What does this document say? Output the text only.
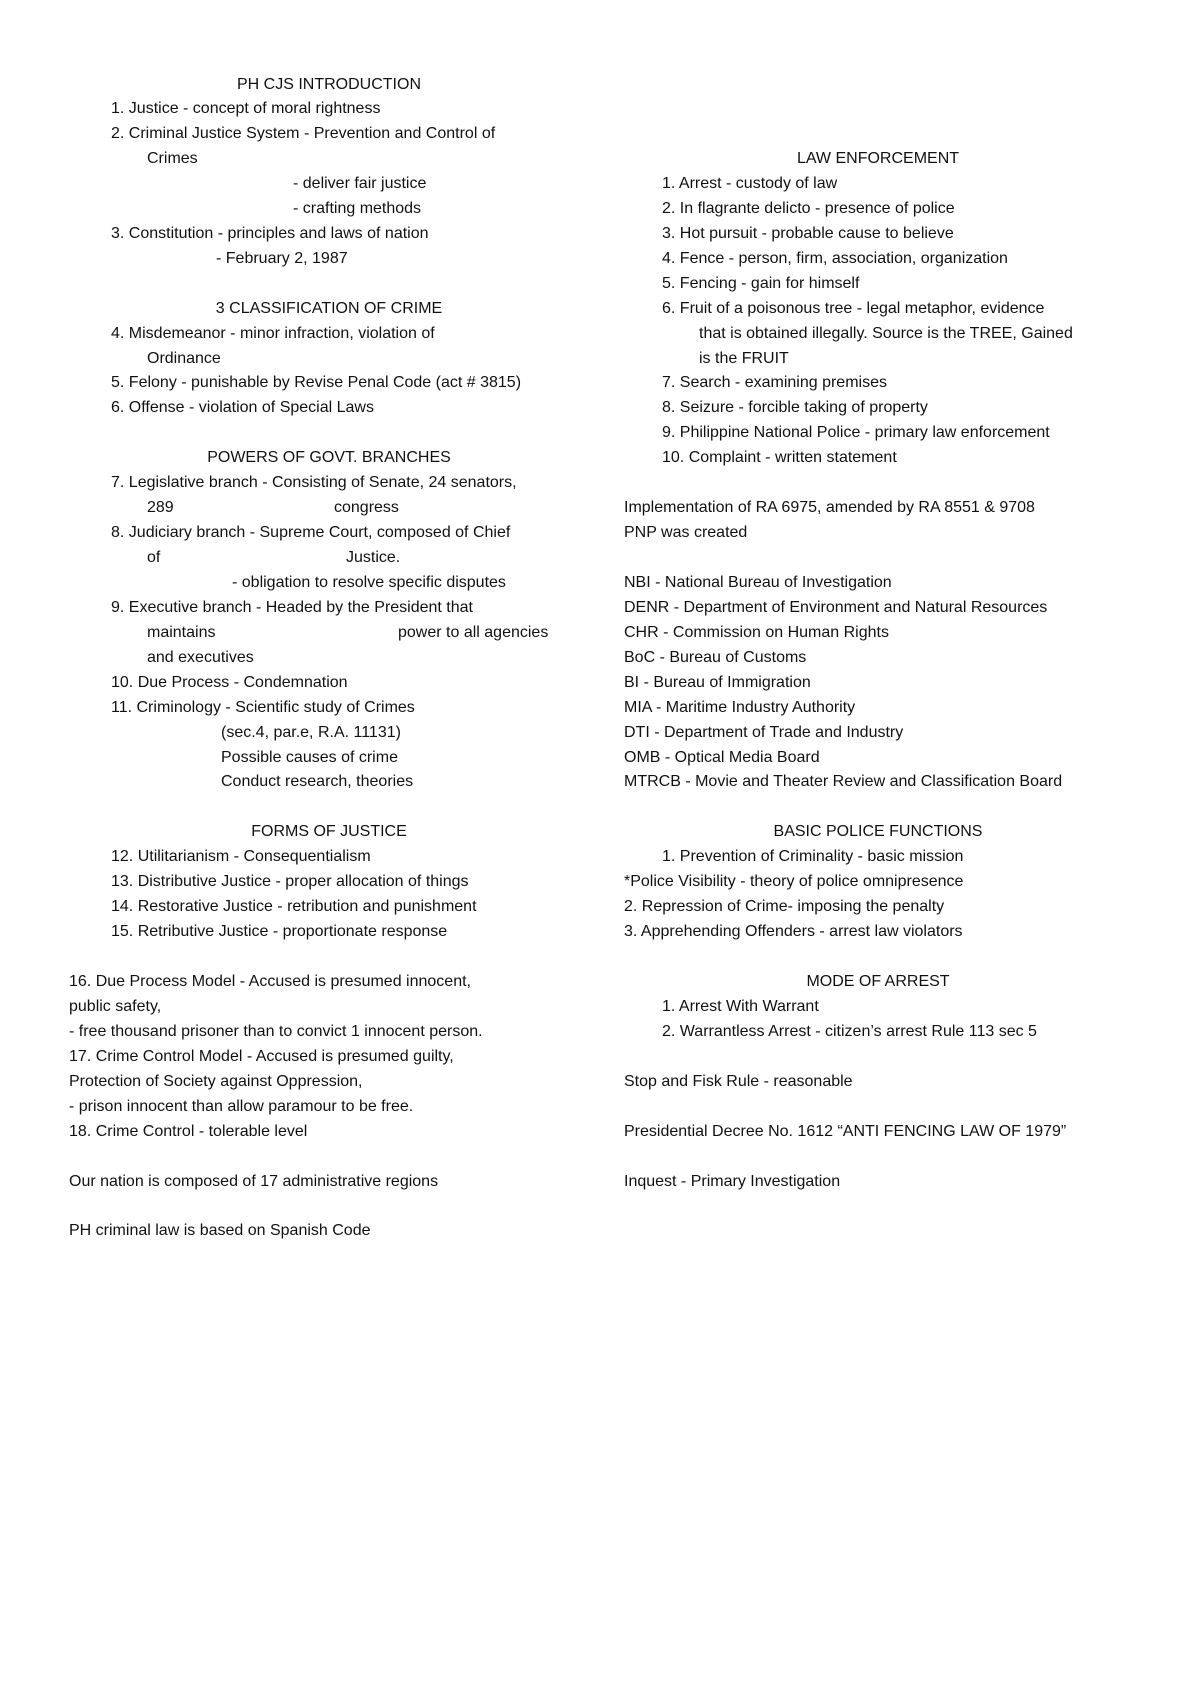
PH CJS INTRODUCTION
1. Justice - concept of moral rightness
2. Criminal Justice System - Prevention and Control of
Crimes
- deliver fair justice
- crafting methods
3. Constitution - principles and laws of nation
- February 2, 1987
3 CLASSIFICATION OF CRIME
4. Misdemeanor - minor infraction, violation of
Ordinance
5. Felony - punishable by Revise Penal Code (act # 3815)
6. Offense - violation of Special Laws
POWERS OF GOVT. BRANCHES
7. Legislative branch - Consisting of Senate, 24 senators,
289	congress
8. Judiciary branch - Supreme Court, composed of Chief
of	Justice.
- obligation to resolve specific disputes
9. Executive branch - Headed by the President that
maintains	power to all agencies
and executives
10. Due Process - Condemnation
11. Criminology - Scientific study of Crimes
(sec.4, par.e, R.A. 11131)
Possible causes of crime
Conduct research, theories
FORMS OF JUSTICE
12. Utilitarianism - Consequentialism
13. Distributive Justice - proper allocation of things
14. Restorative Justice - retribution and punishment
15. Retributive Justice - proportionate response
16. Due Process Model - Accused is presumed innocent,
public safety,
- free thousand prisoner than to convict 1 innocent person.
17. Crime Control Model - Accused is presumed guilty,
Protection of Society against Oppression,
- prison innocent than allow paramour to be free.
18. Crime Control - tolerable level
Our nation is composed of 17 administrative regions
PH criminal law is based on Spanish Code
LAW ENFORCEMENT
1. Arrest - custody of law
2. In flagrante delicto - presence of police
3. Hot pursuit - probable cause to believe
4. Fence - person, firm, association, organization
5. Fencing - gain for himself
6. Fruit of a poisonous tree - legal metaphor, evidence
that is obtained illegally. Source is the TREE, Gained
is the FRUIT
7. Search - examining premises
8. Seizure - forcible taking of property
9. Philippine National Police - primary law enforcement
10. Complaint - written statement
Implementation of RA 6975, amended by RA 8551 & 9708
PNP was created
NBI - National Bureau of Investigation
DENR - Department of Environment and Natural Resources
CHR - Commission on Human Rights
BoC - Bureau of Customs
BI - Bureau of Immigration
MIA - Maritime Industry Authority
DTI - Department of Trade and Industry
OMB - Optical Media Board
MTRCB - Movie and Theater Review and Classification Board
BASIC POLICE FUNCTIONS
1. Prevention of Criminality - basic mission
*Police Visibility - theory of police omnipresence
2. Repression of Crime- imposing the penalty
3. Apprehending Offenders - arrest law violators
MODE OF ARREST
1. Arrest With Warrant
2. Warrantless Arrest - citizen’s arrest Rule 113 sec 5
Stop and Fisk Rule - reasonable
Presidential Decree No. 1612 “ANTI FENCING LAW OF 1979”
Inquest - Primary Investigation
